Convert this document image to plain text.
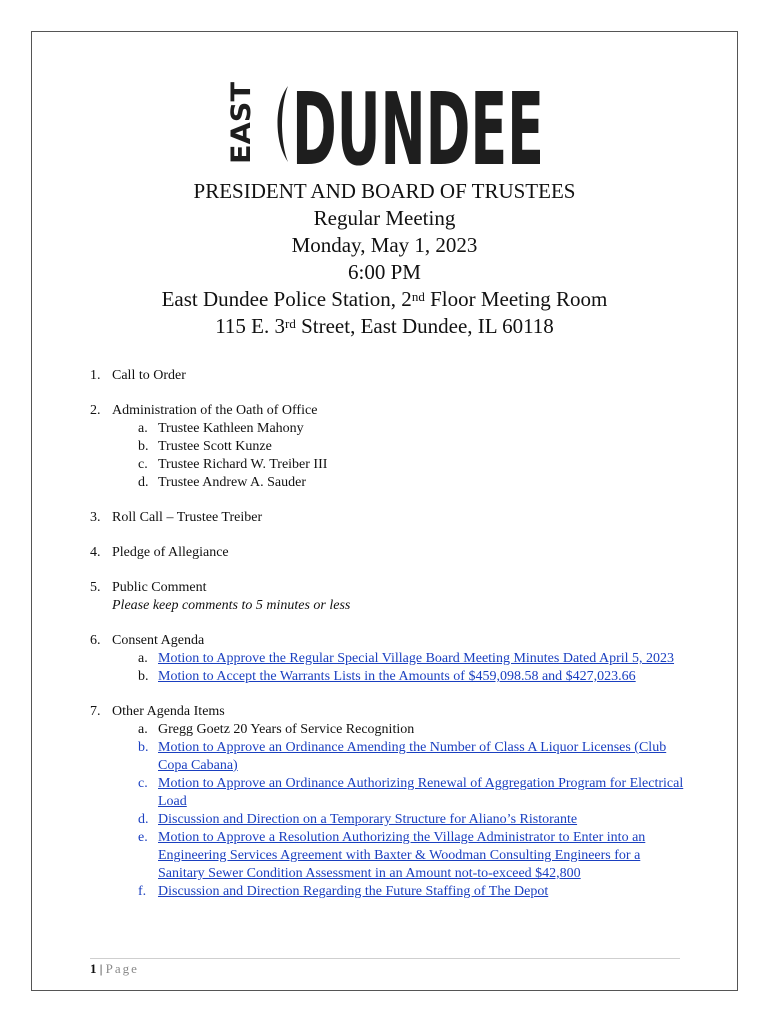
EAST DUNDEE
PRESIDENT AND BOARD OF TRUSTEES
Regular Meeting
Monday, May 1, 2023
6:00 PM
East Dundee Police Station, 2nd Floor Meeting Room
115 E. 3rd Street, East Dundee, IL 60118
1. Call to Order
2. Administration of the Oath of Office
a. Trustee Kathleen Mahony
b. Trustee Scott Kunze
c. Trustee Richard W. Treiber III
d. Trustee Andrew A. Sauder
3. Roll Call – Trustee Treiber
4. Pledge of Allegiance
5. Public Comment
Please keep comments to 5 minutes or less
6. Consent Agenda
a. Motion to Approve the Regular Special Village Board Meeting Minutes Dated April 5, 2023
b. Motion to Accept the Warrants Lists in the Amounts of $459,098.58 and $427,023.66
7. Other Agenda Items
a. Gregg Goetz 20 Years of Service Recognition
b. Motion to Approve an Ordinance Amending the Number of Class A Liquor Licenses (Club Copa Cabana)
c. Motion to Approve an Ordinance Authorizing Renewal of Aggregation Program for Electrical Load
d. Discussion and Direction on a Temporary Structure for Aliano’s Ristorante
e. Motion to Approve a Resolution Authorizing the Village Administrator to Enter into an Engineering Services Agreement with Baxter & Woodman Consulting Engineers for a Sanitary Sewer Condition Assessment in an Amount not-to-exceed $42,800
f. Discussion and Direction Regarding the Future Staffing of The Depot
1 | Page
